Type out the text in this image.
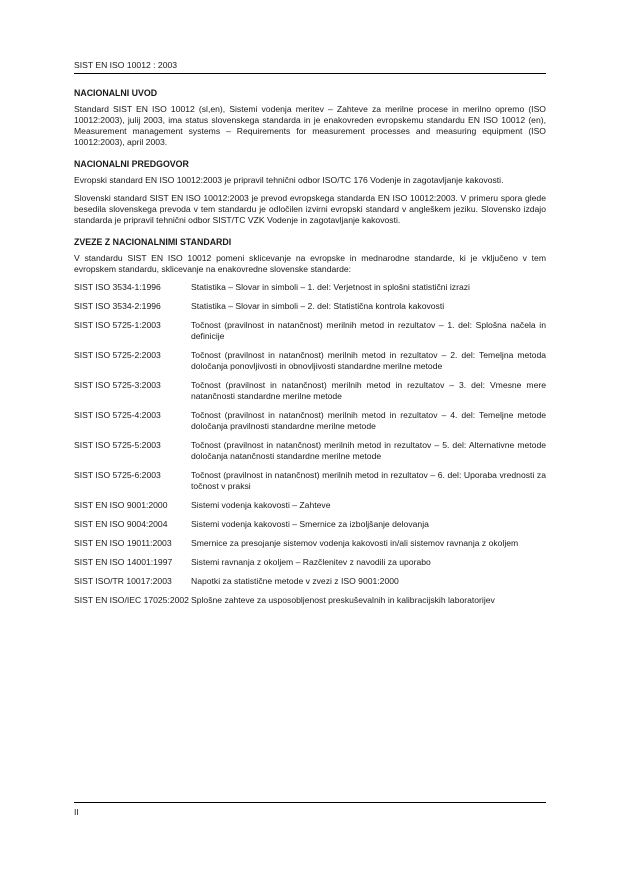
SIST EN ISO 10012 : 2003
NACIONALNI UVOD

Standard SIST EN ISO 10012 (sl,en), Sistemi vodenja meritev – Zahteve za merilne procese in merilno opremo (ISO 10012:2003), julij 2003, ima status slovenskega standarda in je enakovreden evropskemu standardu EN ISO 10012 (en), Measurement management systems – Requirements for measurement processes and measuring equipment (ISO 10012:2003), april 2003.

NACIONALNI PREDGOVOR

Evropski standard EN ISO 10012:2003 je pripravil tehnični odbor ISO/TC 176 Vodenje in zagotavljanje kakovosti.

Slovenski standard SIST EN ISO 10012:2003 je prevod evropskega standarda EN ISO 10012:2003. V primeru spora glede besedila slovenskega prevoda v tem standardu je odločilen izvirni evropski standard v angleškem jeziku. Slovensko izdajo standarda je pripravil tehnični odbor SIST/TC VZK Vodenje in zagotavljanje kakovosti.

ZVEZE Z NACIONALNIMI STANDARDI

V standardu SIST EN ISO 10012 pomeni sklicevanje na evropske in mednarodne standarde, ki je vključeno v tem evropskem standardu, sklicevanje na enakovredne slovenske standarde:

SIST ISO 3534-1:1996	Statistika – Slovar in simboli – 1. del: Verjetnost in splošni statistični izrazi
SIST ISO 3534-2:1996	Statistika – Slovar in simboli – 2. del: Statistična kontrola kakovosti
SIST ISO 5725-1:2003	Točnost (pravilnost in natančnost) merilnih metod in rezultatov – 1. del: Splošna načela in definicije
SIST ISO 5725-2:2003	Točnost (pravilnost in natančnost) merilnih metod in rezultatov – 2. del: Temeljna metoda določanja ponovljivosti in obnovljivosti standardne merilne metode
SIST ISO 5725-3:2003	Točnost (pravilnost in natančnost) merilnih metod in rezultatov – 3. del: Vmesne mere natančnosti standardne merilne metode
SIST ISO 5725-4:2003	Točnost (pravilnost in natančnost) merilnih metod in rezultatov – 4. del: Temeljne metode določanja pravilnosti standardne merilne metode
SIST ISO 5725-5:2003	Točnost (pravilnost in natančnost) merilnih metod in rezultatov – 5. del: Alternativne metode določanja natančnosti standardne merilne metode
SIST ISO 5725-6:2003	Točnost (pravilnost in natančnost) merilnih metod in rezultatov – 6. del: Uporaba vrednosti za točnost v praksi
SIST EN ISO 9001:2000	Sistemi vodenja kakovosti – Zahteve
SIST EN ISO 9004:2004	Sistemi vodenja kakovosti – Smernice za izboljšanje delovanja
SIST EN ISO 19011:2003	Smernice za presojanje sistemov vodenja kakovosti in/ali sistemov ravnanja z okoljem
SIST EN ISO 14001:1997	Sistemi ravnanja z okoljem – Razčlenitev z navodili za uporabo
SIST ISO/TR 10017:2003	Napotki za statistične metode v zvezi z ISO 9001:2000
SIST EN ISO/IEC 17025:2002 Splošne zahteve za usposobljenost preskuševalnih in kalibracijskih laboratorijev
II
